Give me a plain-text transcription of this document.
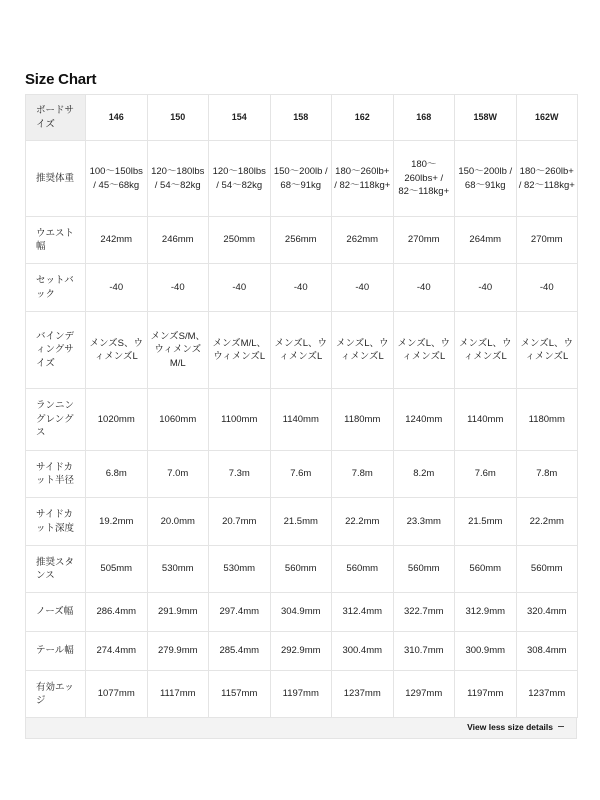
Size Chart
ボードサイズ	146	150	154	158	162	168	158W	162W
推奨体重	100〜150lbs / 45〜68kg	120〜180lbs / 54〜82kg	120〜180lbs / 54〜82kg	150〜200lb / 68〜91kg	180〜260lb+ / 82〜118kg+	180〜260lbs+ / 82〜118kg+	150〜200lb / 68〜91kg	180〜260lb+ / 82〜118kg+
ウエスト幅	242mm	246mm	250mm	256mm	262mm	270mm	264mm	270mm
セットバック	-40	-40	-40	-40	-40	-40	-40	-40
バインディングサイズ	メンズS、ウィメンズL	メンズS/M、ウィメンズM/L	メンズM/L、ウィメンズL	メンズL、ウィメンズL	メンズL、ウィメンズL	メンズL、ウィメンズL	メンズL、ウィメンズL	メンズL、ウィメンズL
ランニングレングス	1020mm	1060mm	1100mm	1140mm	1180mm	1240mm	1140mm	1180mm
サイドカット半径	6.8m	7.0m	7.3m	7.6m	7.8m	8.2m	7.6m	7.8m
サイドカット深度	19.2mm	20.0mm	20.7mm	21.5mm	22.2mm	23.3mm	21.5mm	22.2mm
推奨スタンス	505mm	530mm	530mm	560mm	560mm	560mm	560mm	560mm
ノーズ幅	286.4mm	291.9mm	297.4mm	304.9mm	312.4mm	322.7mm	312.9mm	320.4mm
テール幅	274.4mm	279.9mm	285.4mm	292.9mm	300.4mm	310.7mm	300.9mm	308.4mm
有効エッジ	1077mm	1117mm	1157mm	1197mm	1237mm	1297mm	1197mm	1237mm
View less size details
